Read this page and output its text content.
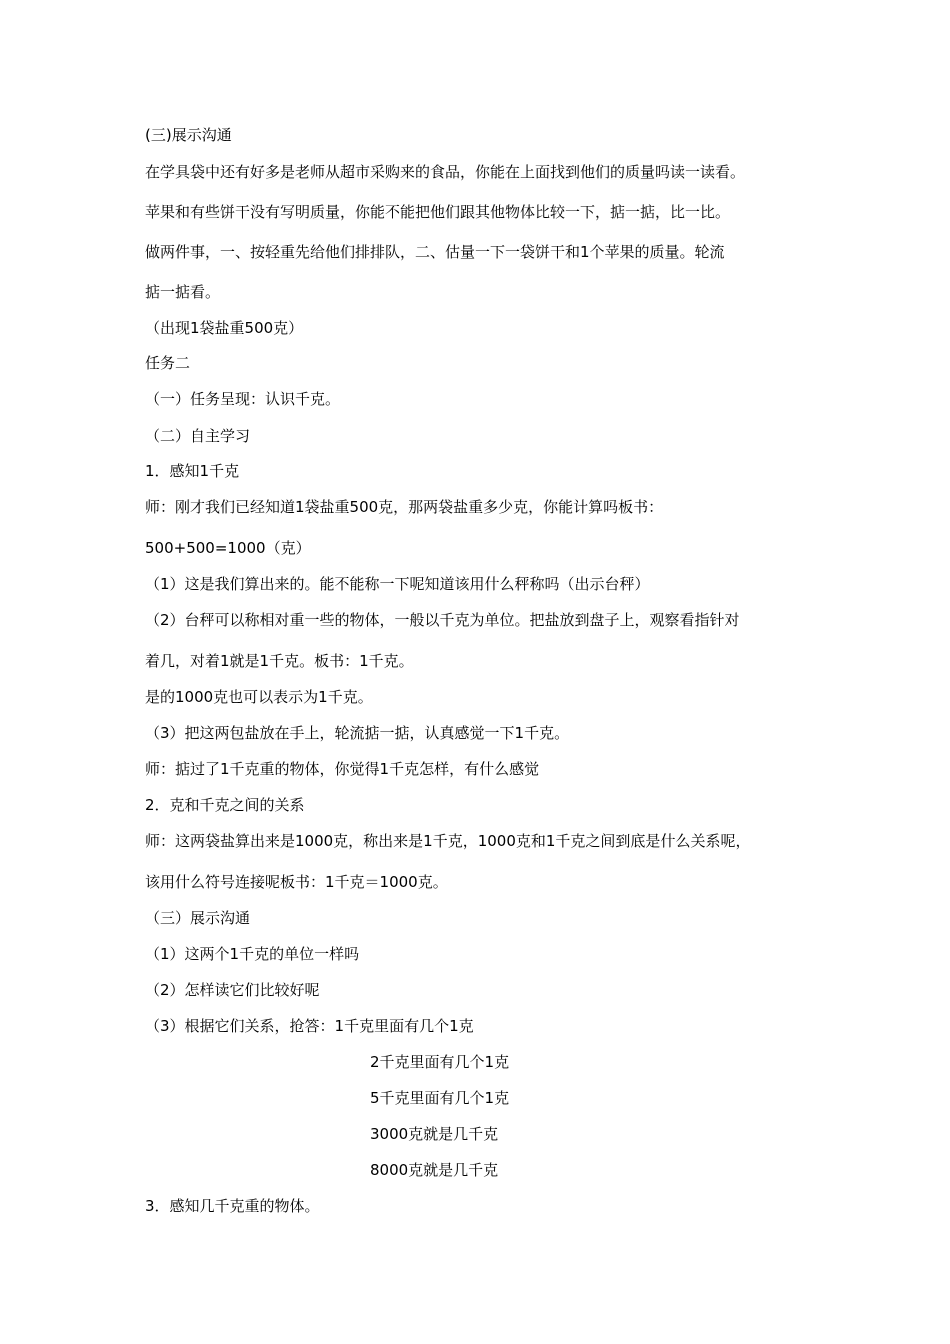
(三)展示沟通
在学具袋中还有好多是老师从超市采购来的食品，你能在上面找到他们的质量吗读一读看。
苹果和有些饼干没有写明质量，你能不能把他们跟其他物体比较一下，掂一掂，比一比。
做两件事，一、按轻重先给他们排排队，二、估量一下一袋饼干和1个苹果的质量。轮流
掂一掂看。
（出现1袋盐重500克）
任务二
（一）任务呈现：认识千克。
（二）自主学习
1．感知1千克
师：刚才我们已经知道1袋盐重500克，那两袋盐重多少克，你能计算吗板书：
500+500=1000（克）
（1）这是我们算出来的。能不能称一下呢知道该用什么秤称吗（出示台秤）
（2）台秤可以称相对重一些的物体，一般以千克为单位。把盐放到盘子上，观察看指针对
着几，对着1就是1千克。板书：1千克。
是的1000克也可以表示为1千克。
（3）把这两包盐放在手上，轮流掂一掂，认真感觉一下1千克。
师：掂过了1千克重的物体，你觉得1千克怎样，有什么感觉
2．克和千克之间的关系
师：这两袋盐算出来是1000克，称出来是1千克，1000克和1千克之间到底是什么关系呢，
该用什么符号连接呢板书：1千克＝1000克。
（三）展示沟通
（1）这两个1千克的单位一样吗
（2）怎样读它们比较好呢
（3）根据它们关系，抢答：1千克里面有几个1克
2千克里面有几个1克
5千克里面有几个1克
3000克就是几千克
8000克就是几千克
3．感知几千克重的物体。
